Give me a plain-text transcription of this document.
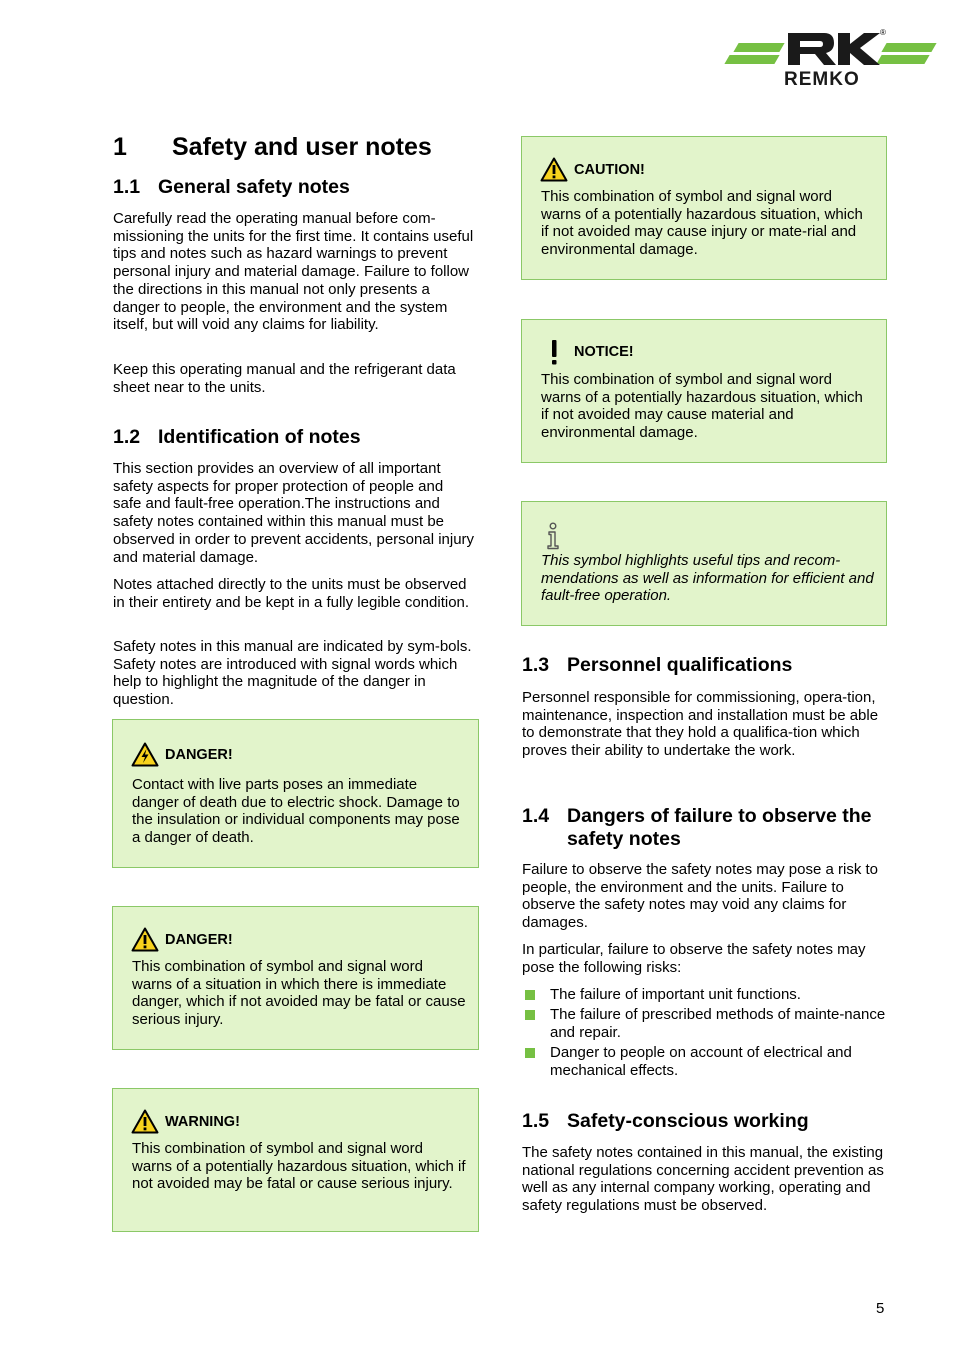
®
REMKO
1 Safety and user notes
1.1 General safety notes

Carefully read the operating manual before com-missioning the units for the first time. It contains useful tips and notes such as hazard warnings to prevent personal injury and material damage. Failure to follow the directions in this manual not only presents a danger to people, the environment and the system itself, but will void any claims for liability.

Keep this operating manual and the refrigerant data sheet near to the units.

1.2 Identification of notes

This section provides an overview of all important safety aspects for proper protection of people and safe and fault-free operation.The instructions and safety notes contained within this manual must be observed in order to prevent accidents, personal injury and material damage.

Notes attached directly to the units must be observed in their entirety and be kept in a fully legible condition.

Safety notes in this manual are indicated by sym-bols. Safety notes are introduced with signal words which help to highlight the magnitude of the danger in question.

DANGER!

Contact with live parts poses an immediate danger of death due to electric shock. Damage to the insulation or individual components may pose a danger of death.

DANGER!

This combination of symbol and signal word warns of a situation in which there is immediate danger, which if not avoided may be fatal or cause serious injury.

WARNING!

This combination of symbol and signal word warns of a potentially hazardous situation, which if not avoided may be fatal or cause serious injury.

CAUTION!

This combination of symbol and signal word warns of a potentially hazardous situation, which if not avoided may cause injury or mate-rial and environmental damage.

NOTICE!

This combination of symbol and signal word warns of a potentially hazardous situation, which if not avoided may cause material and environmental damage.

This symbol highlights useful tips and recom-mendations as well as information for efficient and fault-free operation.

1.3 Personnel qualifications

Personnel responsible for commissioning, opera-tion, maintenance, inspection and installation must be able to demonstrate that they hold a qualifica-tion which proves their ability to undertake the work.

1.4 Dangers of failure to observe the safety notes

Failure to observe the safety notes may pose a risk to people, the environment and the units. Failure to observe the safety notes may void any claims for damages.

In particular, failure to observe the safety notes may pose the following risks:

The failure of important unit functions.
The failure of prescribed methods of mainte-nance and repair.
Danger to people on account of electrical and mechanical effects.
1.5 Safety-conscious working

The safety notes contained in this manual, the existing national regulations concerning accident prevention as well as any internal company working, operating and safety regulations must be observed.

5
